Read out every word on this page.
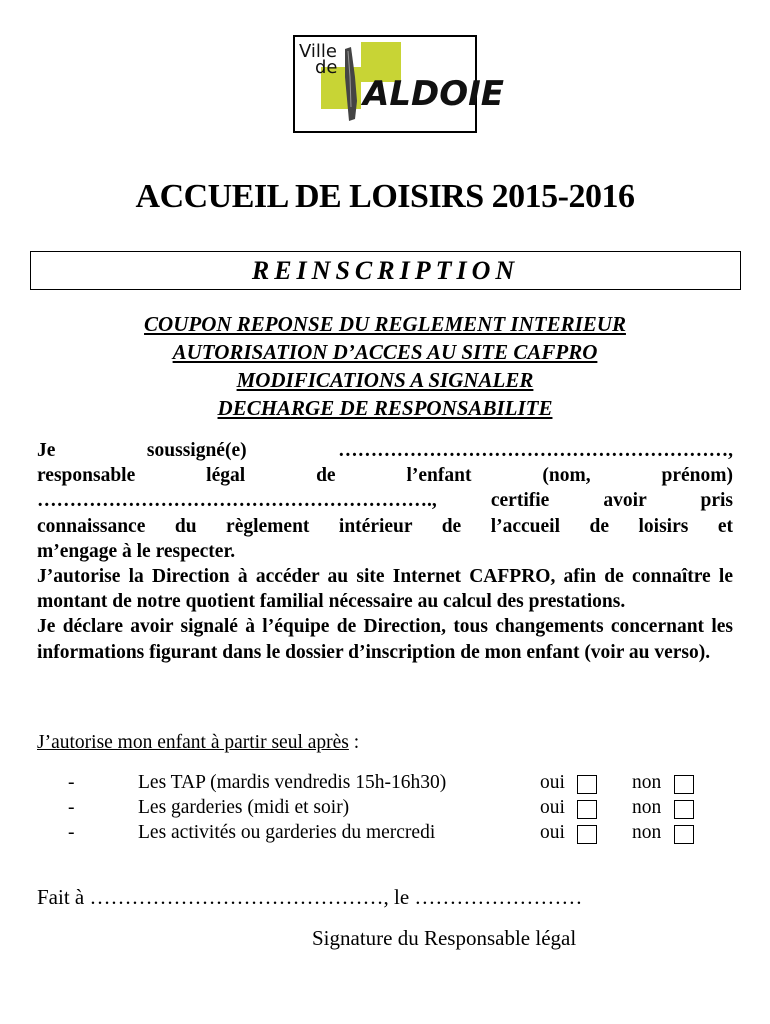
Ville
de
ALDOIE
ACCUEIL DE LOISIRS 2015-2016
REINSCRIPTION
COUPON REPONSE DU REGLEMENT INTERIEUR
AUTORISATION D’ACCES AU SITE CAFPRO
MODIFICATIONS A SIGNALER
DECHARGE DE RESPONSABILITE

Je soussigné(e) ……………………………………………………,

responsable légal de l’enfant (nom, prénom)

……………………………………………………., certifie avoir pris

connaissance du règlement intérieur de l’accueil de loisirs et

m’engage à le respecter.

J’autorise la Direction à accéder au site Internet CAFPRO, afin de connaître le montant de notre quotient familial nécessaire au calcul des prestations.

Je déclare avoir signalé à l’équipe de Direction, tous changements concernant les informations figurant dans le dossier d’inscription de mon enfant (voir au verso).

J’autorise mon enfant à partir seul après :
-	Les TAP (mardis vendredis 15h-16h30)	oui	non
-	Les garderies (midi et soir)	oui	non
-	Les activités ou garderies du mercredi	oui	non
Fait à ……………………………………, le ……………………
Signature du Responsable légal
